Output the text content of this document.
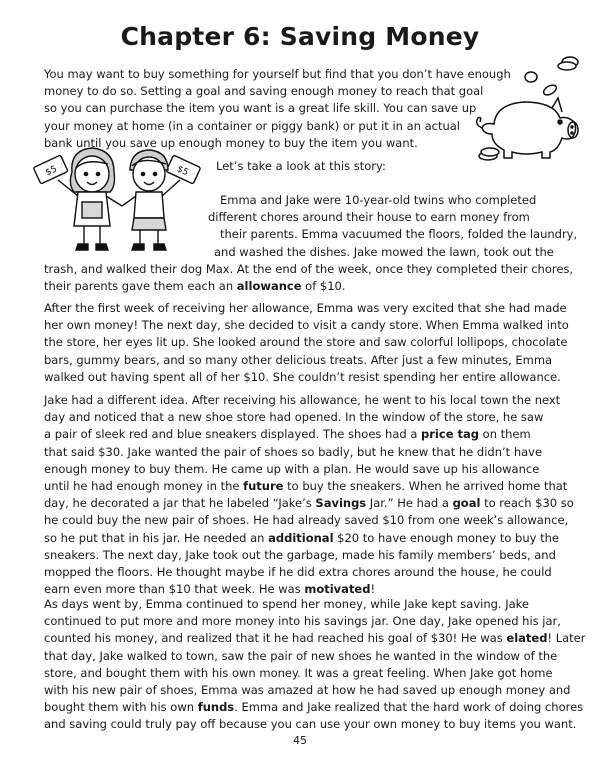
Chapter 6: Saving Money
$5	$5

You may want to buy something for yourself but find that you don’t have enough
money to do so. Setting a goal and saving enough money to reach that goal
so you can purchase the item you want is a great life skill. You can save up
your money at home (in a container or piggy bank) or put it in an actual
bank until you save up enough money to buy the item you want.

Let’s take a look at this story:

Emma and Jake were 10-year-old twins who completed
different chores around their house to earn money from
their parents. Emma vacuumed the floors, folded the laundry,
and washed the dishes. Jake mowed the lawn, took out the
trash, and walked their dog Max. At the end of the week, once they completed their chores,
their parents gave them each an allowance of $10.

After the first week of receiving her allowance, Emma was very excited that she had made
her own money! The next day, she decided to visit a candy store. When Emma walked into
the store, her eyes lit up. She looked around the store and saw colorful lollipops, chocolate
bars, gummy bears, and so many other delicious treats. After just a few minutes, Emma
walked out having spent all of her $10. She couldn’t resist spending her entire allowance.

Jake had a different idea. After receiving his allowance, he went to his local town the next
day and noticed that a new shoe store had opened. In the window of the store, he saw
a pair of sleek red and blue sneakers displayed. The shoes had a price tag on them
that said $30. Jake wanted the pair of shoes so badly, but he knew that he didn’t have
enough money to buy them. He came up with a plan. He would save up his allowance
until he had enough money in the future to buy the sneakers. When he arrived home that
day, he decorated a jar that he labeled “Jake’s Savings Jar.” He had a goal to reach $30 so
he could buy the new pair of shoes. He had already saved $10 from one week’s allowance,
so he put that in his jar. He needed an additional $20 to have enough money to buy the
sneakers. The next day, Jake took out the garbage, made his family members’ beds, and
mopped the floors. He thought maybe if he did extra chores around the house, he could
earn even more than $10 that week. He was motivated!

As days went by, Emma continued to spend her money, while Jake kept saving. Jake
continued to put more and more money into his savings jar. One day, Jake opened his jar,
counted his money, and realized that it he had reached his goal of $30! He was elated! Later
that day, Jake walked to town, saw the pair of new shoes he wanted in the window of the
store, and bought them with his own money. It was a great feeling. When Jake got home
with his new pair of shoes, Emma was amazed at how he had saved up enough money and
bought them with his own funds. Emma and Jake realized that the hard work of doing chores
and saving could truly pay off because you can use your own money to buy items you want.

45
